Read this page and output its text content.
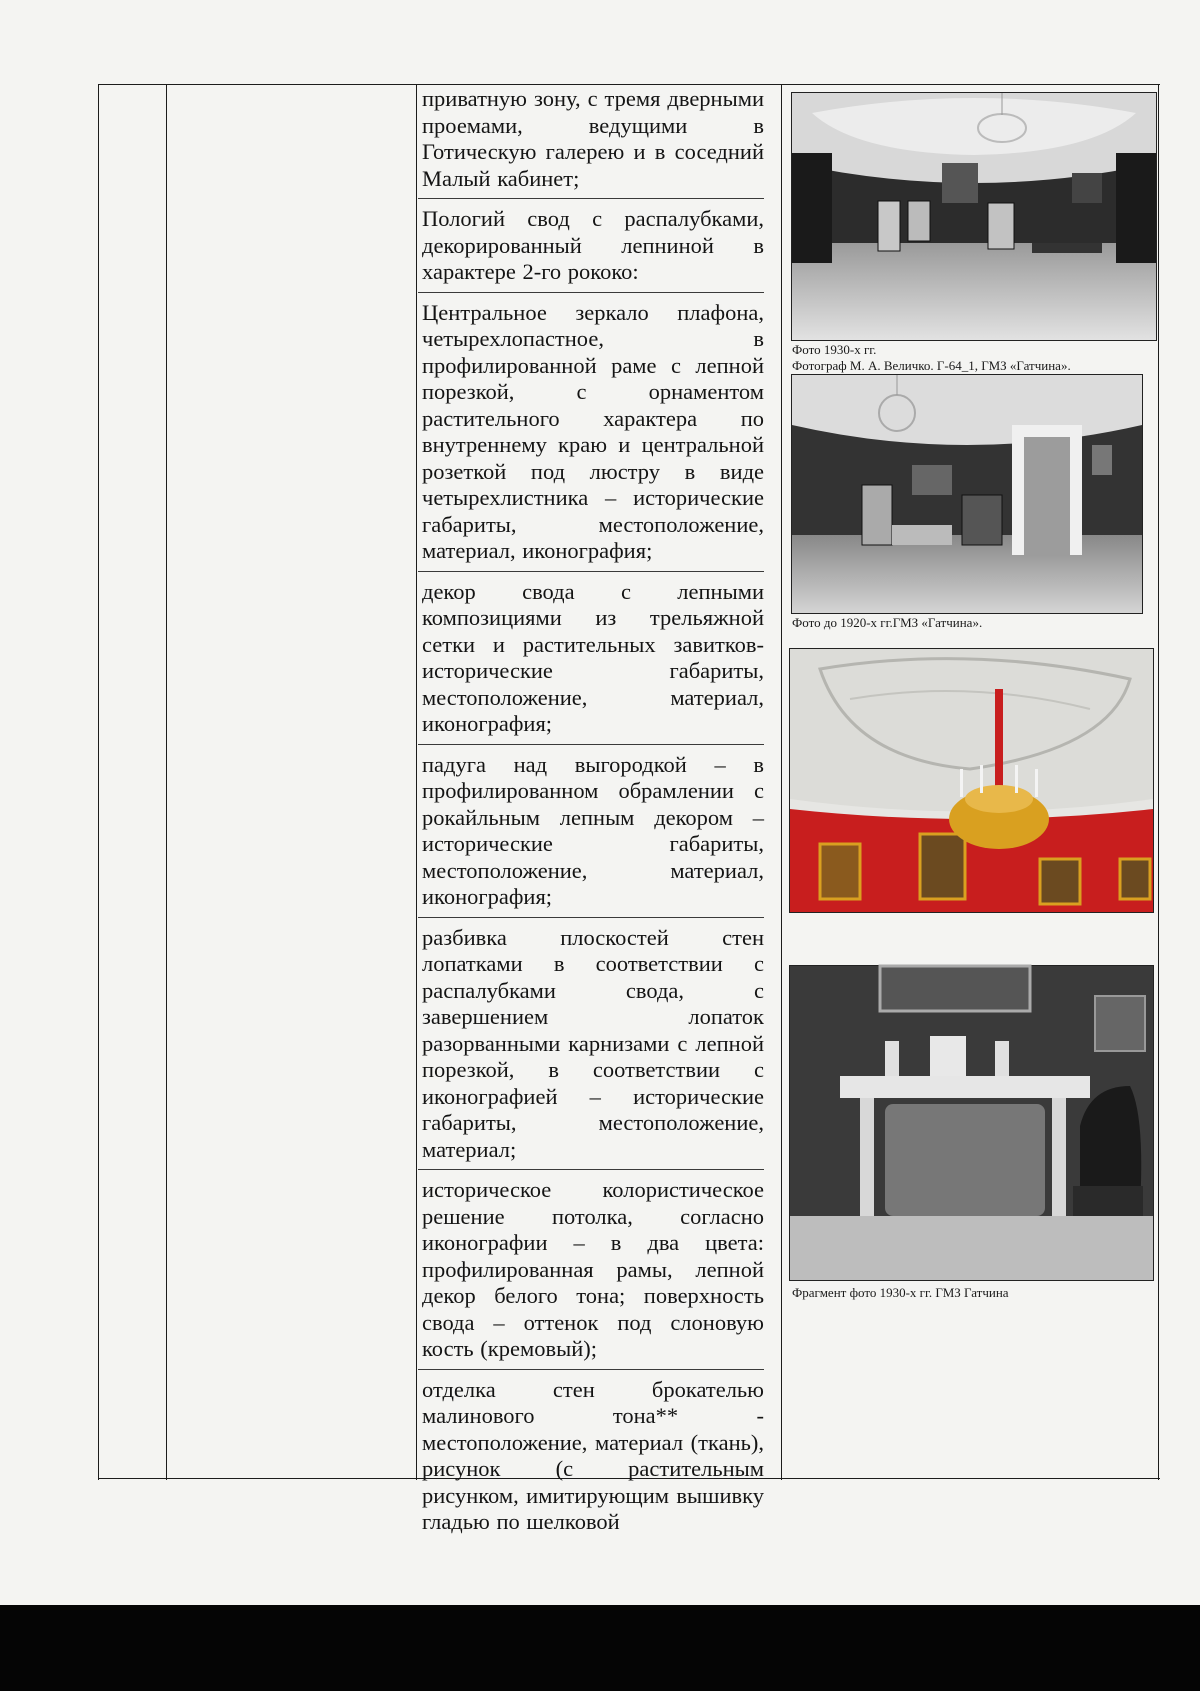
приватную зону, с тремя дверными проемами, ведущими в Готическую галерею и в соседний Малый кабинет;

Пологий свод с распалубками, декорированный лепниной в характере 2-го рококо:

Центральное зеркало плафона, четырехлопастное, в профилированной раме с лепной порезкой, с орнаментом растительного характера по внутреннему краю и центральной розеткой под люстру в виде четырехлистника – исторические габариты, местоположение, материал, иконография;

декор свода с лепными композициями из трельяжной сетки и растительных завитков- исторические габариты, местоположение, материал, иконография;

падуга над выгородкой – в профилированном обрамлении с рокайльным лепным декором – исторические габариты, местоположение, материал, иконография;

разбивка плоскостей стен лопатками в соответствии с распалубками свода, с завершением лопаток разорванными карнизами с лепной порезкой, в соответствии с иконографией – исторические габариты, местоположение, материал;

историческое колористическое решение потолка, согласно иконографии – в два цвета: профилированная рамы, лепной декор белого тона; поверхность свода – оттенок под слоновую кость (кремовый);

отделка стен брокателью малинового тона** - местоположение, материал (ткань), рисунок (с растительным рисунком, имитирующим вышивку гладью по шелковой

Фото 1930-х гг.
Фотограф М. А. Величко. Г-64_1, ГМЗ «Гатчина».
Фото до 1920-х гг.ГМЗ «Гатчина».
Фрагмент фото 1930-х гг. ГМЗ Гатчина
